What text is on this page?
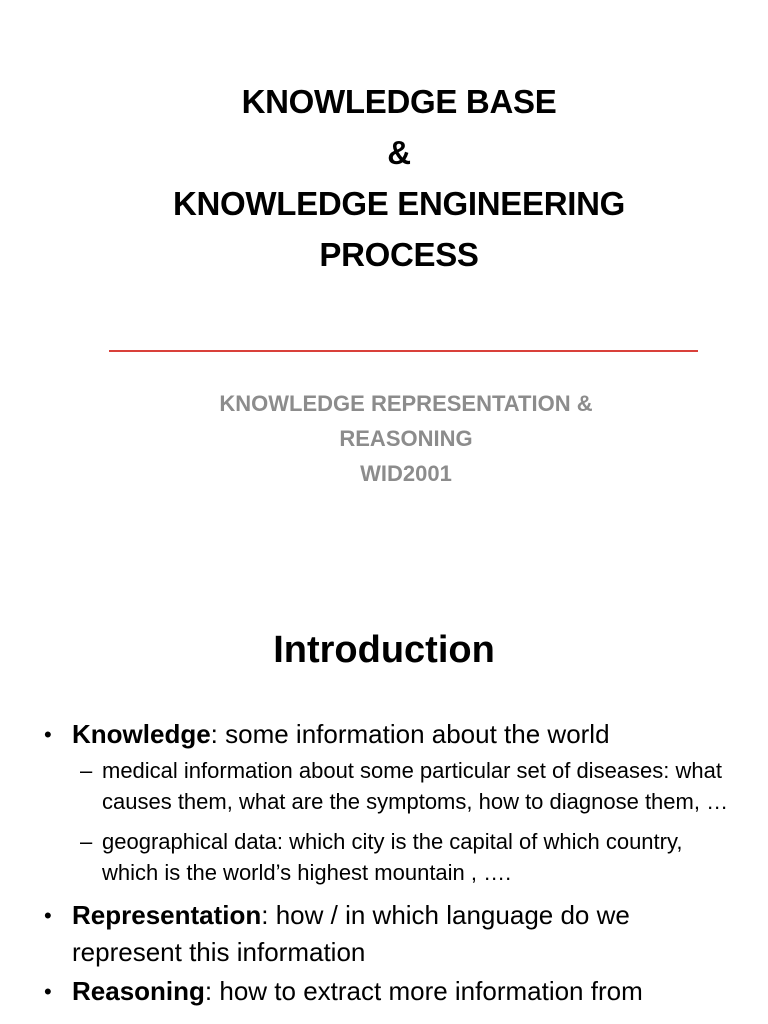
KNOWLEDGE BASE
&
KNOWLEDGE ENGINEERING
PROCESS
KNOWLEDGE REPRESENTATION &
REASONING
WID2001
Introduction
• Knowledge: some information about the world
– medical information about some particular set of diseases: what causes them, what are the symptoms, how to diagnose them, …
– geographical data: which city is the capital of which country, which is the world’s highest mountain , ….
• Representation: how / in which language do we represent this information
• Reasoning: how to extract more information from
